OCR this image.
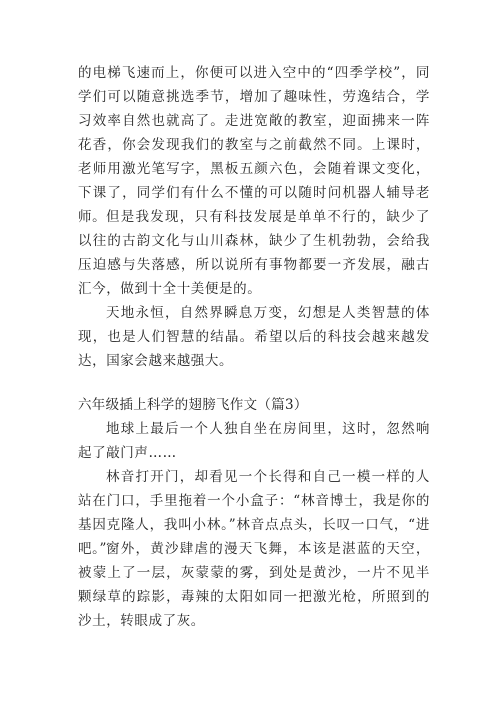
的电梯飞速而上，你便可以进入空中的“四季学校”，同学们可以随意挑选季节，增加了趣味性，劳逸结合，学习效率自然也就高了。走进宽敞的教室，迎面拂来一阵花香，你会发现我们的教室与之前截然不同。上课时，老师用激光笔写字，黑板五颜六色，会随着课文变化，下课了，同学们有什么不懂的可以随时问机器人辅导老师。 但是我发现，只有科技发展是单单不行的，缺少了以往的古韵文化与山川森林，缺少了生机勃勃，会给我压迫感与失落感，所以说所有事物都要一齐发展，融古汇今，做到十全十美便是的。

天地永恒，自然界瞬息万变，幻想是人类智慧的体现，也是人们智慧的结晶。希望以后的科技会越来越发达，国家会越来越强大。

六年级插上科学的翅膀飞作文（篇3）

地球上最后一个人独自坐在房间里，这时，忽然响起了敲门声……

林音打开门，却看见一个长得和自己一模一样的人站在门口，手里拖着一个小盒子：“林音博士，我是你的基因克隆人，我叫小林。”林音点点头，长叹一口气，“进吧。” 窗外，黄沙肆虐的漫天飞舞，本该是湛蓝的天空，被蒙上了一层，灰蒙蒙的雾，到处是黄沙，一片不见半颗绿草的踪影，毒辣的太阳如同一把激光枪，所照到的沙土，转眼成了灰。
